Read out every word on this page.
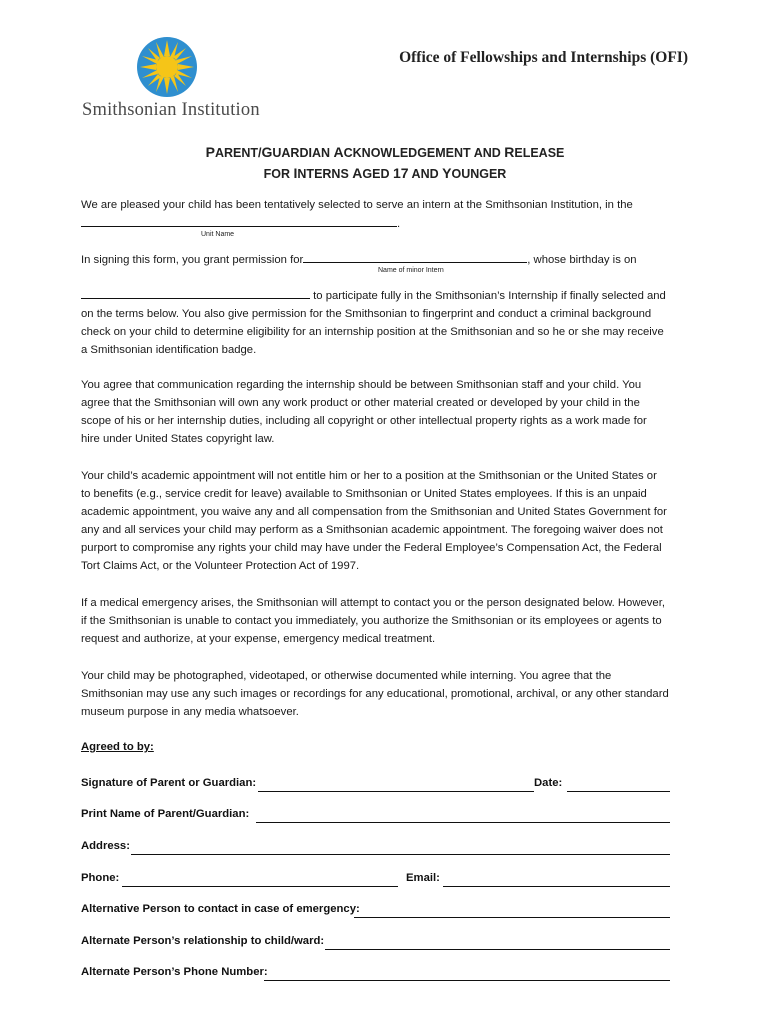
Smithsonian Institution
Office of Fellowships and Internships (OFI)
PARENT/GUARDIAN ACKNOWLEDGEMENT AND RELEASE
FOR INTERNS AGED 17 AND YOUNGER
We are pleased your child has been tentatively selected to serve an intern at the Smithsonian Institution, in the
.
Unit Name
In signing this form, you grant permission for	, whose birthday is on
Name of minor Intern
to participate fully in the Smithsonian’s Internship if finally selected and
on the terms below. You also give permission for the Smithsonian to fingerprint and conduct a criminal background
check on your child to determine eligibility for an internship position at the Smithsonian and so he or she may receive
a Smithsonian identification badge.
You agree that communication regarding the internship should be between Smithsonian staff and your child. You
agree that the Smithsonian will own any work product or other material created or developed by your child in the
scope of his or her internship duties, including all copyright or other intellectual property rights as a work made for
hire under United States copyright law.
Your child’s academic appointment will not entitle him or her to a position at the Smithsonian or the United States or
to benefits (e.g., service credit for leave) available to Smithsonian or United States employees. If this is an unpaid
academic appointment, you waive any and all compensation from the Smithsonian and United States Government for
any and all services your child may perform as a Smithsonian academic appointment. The foregoing waiver does not
purport to compromise any rights your child may have under the Federal Employee’s Compensation Act, the Federal
Tort Claims Act, or the Volunteer Protection Act of 1997.
If a medical emergency arises, the Smithsonian will attempt to contact you or the person designated below. However,
if the Smithsonian is unable to contact you immediately, you authorize the Smithsonian or its employees or agents to
request and authorize, at your expense, emergency medical treatment.
Your child may be photographed, videotaped, or otherwise documented while interning. You agree that the
Smithsonian may use any such images or recordings for any educational, promotional, archival, or any other standard
museum purpose in any media whatsoever.
Agreed to by:
Signature of Parent or Guardian:	Date:
Print Name of Parent/Guardian:
Address:
Phone:	Email:
Alternative Person to contact in case of emergency:
Alternate Person’s relationship to child/ward:
Alternate Person’s Phone Number:
